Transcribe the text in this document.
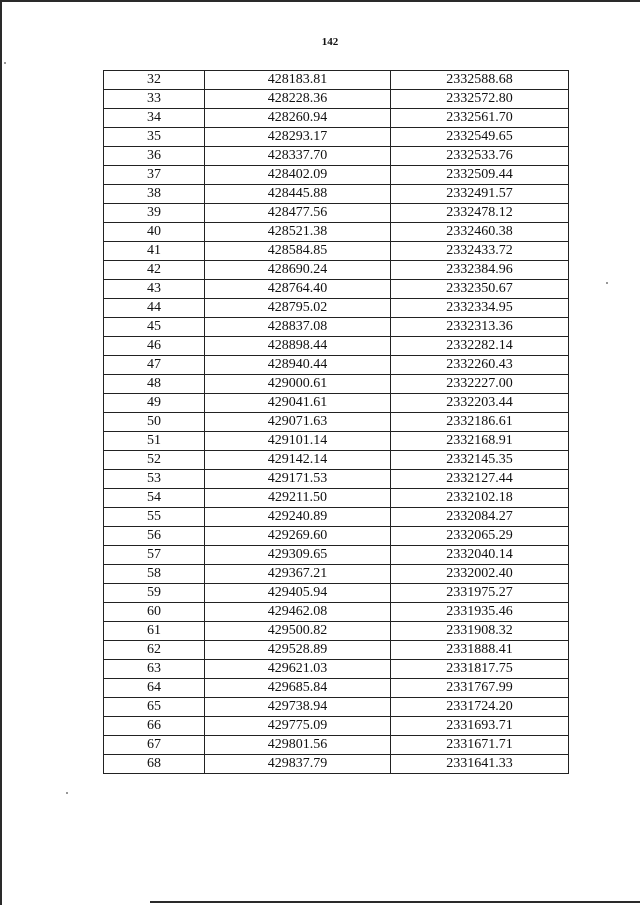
142
32	428183.81	2332588.68
33	428228.36	2332572.80
34	428260.94	2332561.70
35	428293.17	2332549.65
36	428337.70	2332533.76
37	428402.09	2332509.44
38	428445.88	2332491.57
39	428477.56	2332478.12
40	428521.38	2332460.38
41	428584.85	2332433.72
42	428690.24	2332384.96
43	428764.40	2332350.67
44	428795.02	2332334.95
45	428837.08	2332313.36
46	428898.44	2332282.14
47	428940.44	2332260.43
48	429000.61	2332227.00
49	429041.61	2332203.44
50	429071.63	2332186.61
51	429101.14	2332168.91
52	429142.14	2332145.35
53	429171.53	2332127.44
54	429211.50	2332102.18
55	429240.89	2332084.27
56	429269.60	2332065.29
57	429309.65	2332040.14
58	429367.21	2332002.40
59	429405.94	2331975.27
60	429462.08	2331935.46
61	429500.82	2331908.32
62	429528.89	2331888.41
63	429621.03	2331817.75
64	429685.84	2331767.99
65	429738.94	2331724.20
66	429775.09	2331693.71
67	429801.56	2331671.71
68	429837.79	2331641.33
